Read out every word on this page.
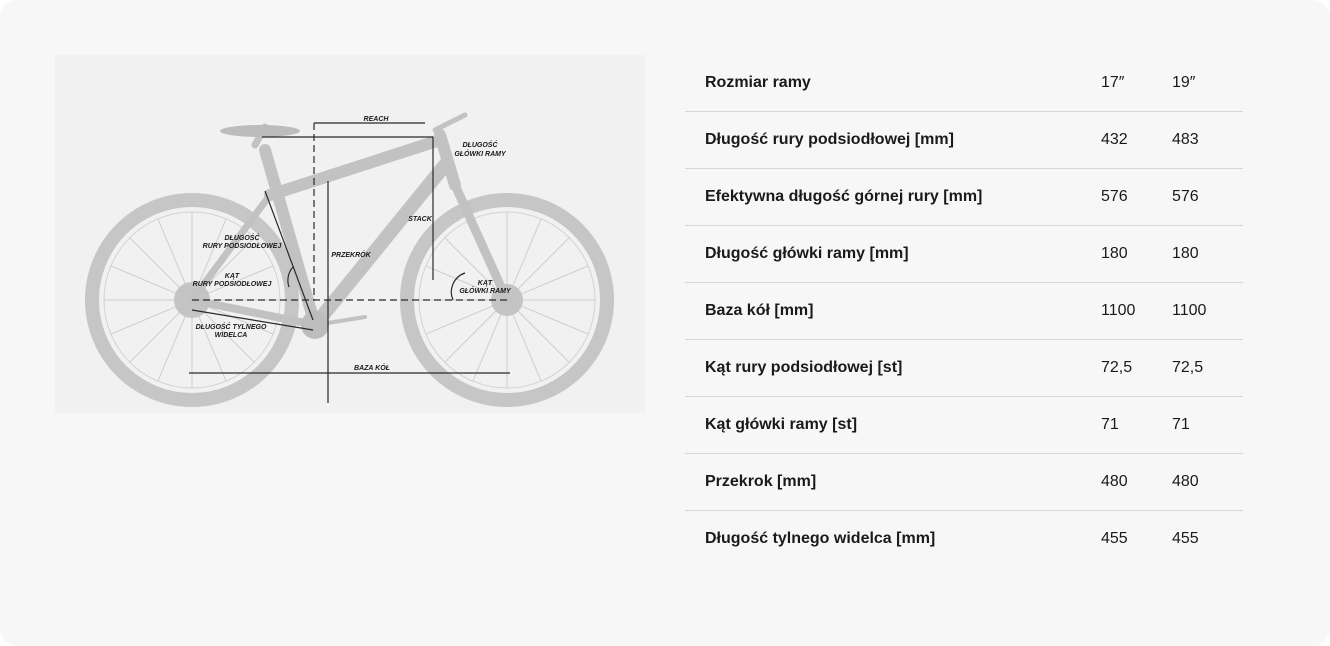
REACH
DŁUGOŚĆ
GŁÓWKI RAMY
STACK
DŁUGOŚĆ
RURY PODSIODŁOWEJ
PRZEKRÓK
KĄT
RURY PODSIODŁOWEJ	KĄT
GŁÓWKI RAMY
DŁUGOŚĆ TYLNEGO
WIDELCA
BAZA KÓŁ
Rozmiar ramy	17″	19″
Długość rury podsiodłowej [mm]	432	483
Efektywna długość górnej rury [mm]	576	576
Długość główki ramy [mm]	180	180
Baza kół [mm]	1100	1100
Kąt rury podsiodłowej [st]	72,5	72,5
Kąt główki ramy [st]	71	71
Przekrok [mm]	480	480
Długość tylnego widelca [mm]	455	455
